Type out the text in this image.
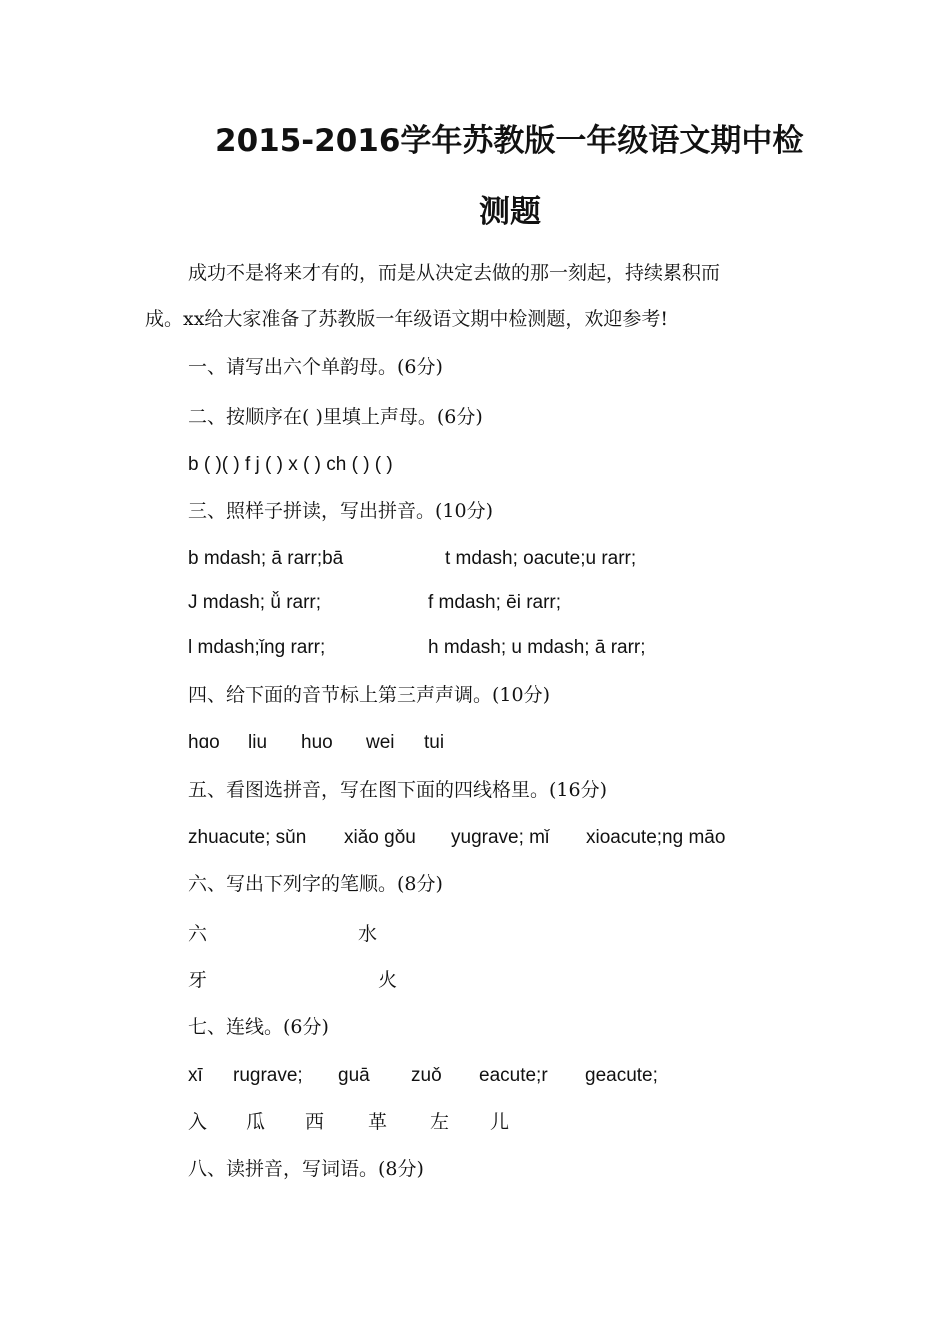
2015-2016学年苏教版一年级语文期中检
测题
成功不是将来才有的，而是从决定去做的那一刻起，持续累积而
成。xx给大家准备了苏教版一年级语文期中检测题，欢迎参考!
一、请写出六个单韵母。(6分)
二、按顺序在( )里填上声母。(6分)
b ( )( ) f j ( ) x ( ) ch ( ) ( )
三、照样子拼读，写出拼音。(10分)
b mdash; ā rarr;bā	t mdash; oacute;u rarr;
J mdash; ǚ rarr;	f mdash; ēi rarr;
l mdash;ǐng rarr;	h mdash; u mdash; ā rarr;
四、给下面的音节标上第三声声调。(10分)
hɑo liu huo wei tui
五、看图选拼音，写在图下面的四线格里。(16分)
zhuacute; sǔn xiǎo gǒu yugrave; mǐ xioacute;ng māo
六、写出下列字的笔顺。(8分)
六	水
牙	火
七、连线。(6分)
xī rugrave; guā zuǒ eacute;r geacute;
入 瓜 西 革 左 儿
八、读拼音，写词语。(8分)
